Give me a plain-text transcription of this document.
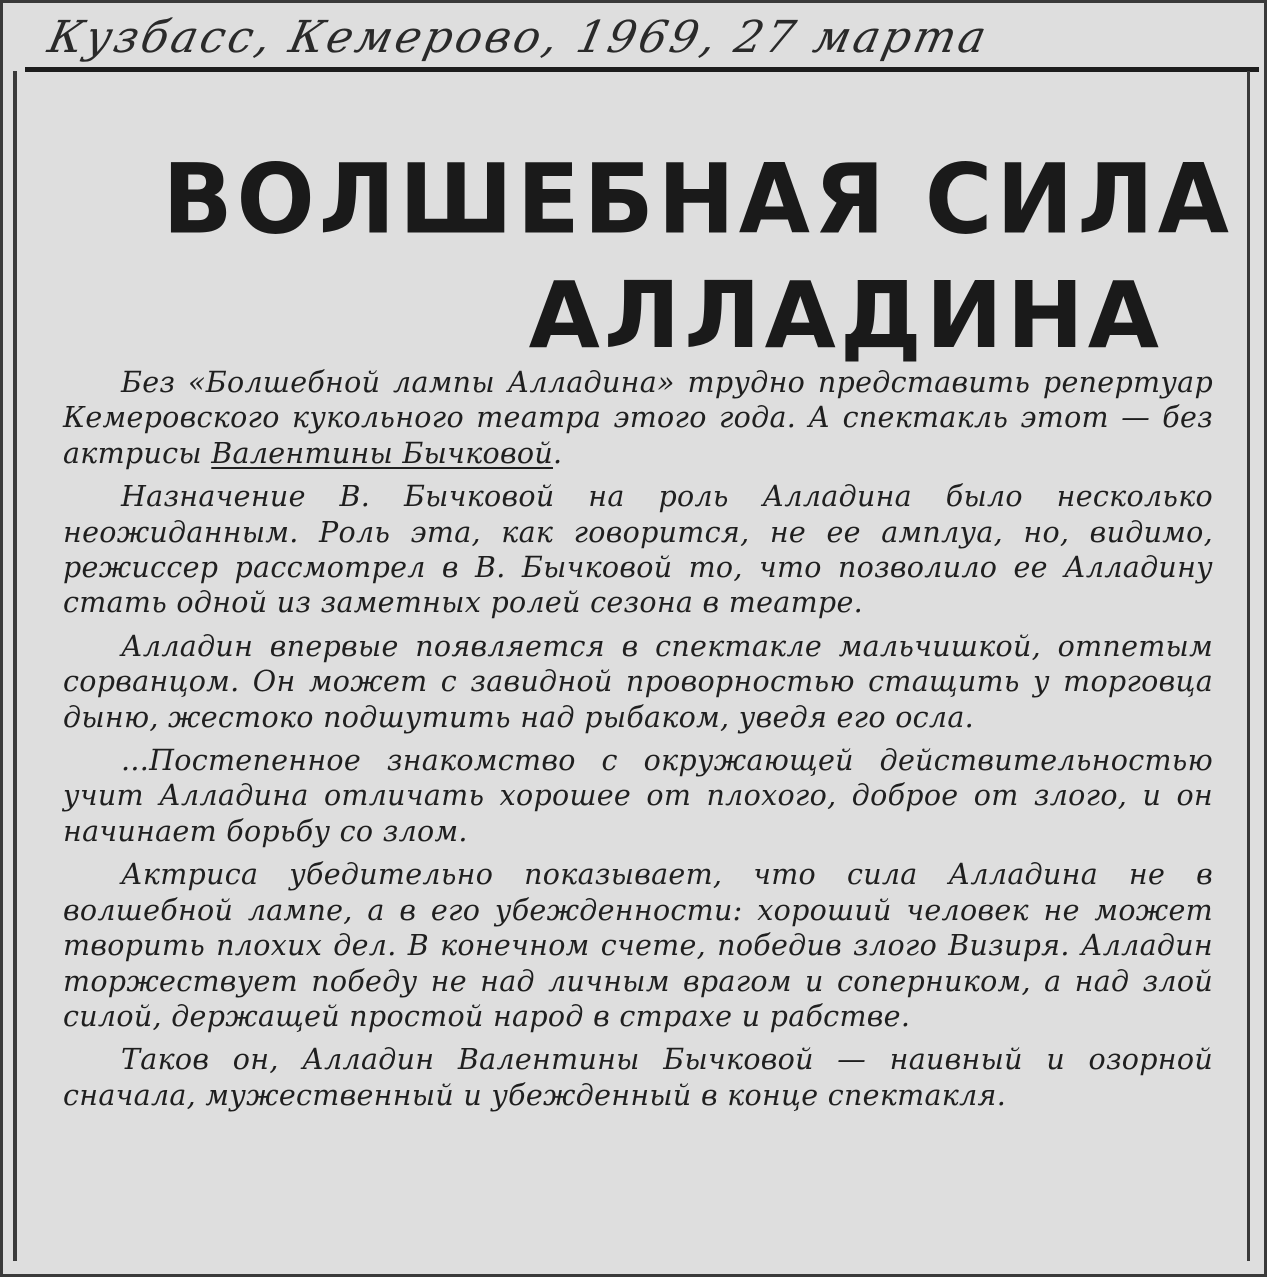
Кузбасс, Кемерово, 1969, 27 марта
ВОЛШЕБНАЯ СИЛА
АЛЛАДИНА

Без «Болшебной лампы Алладина» трудно представить репертуар Кемеровского кукольного театра этого года. А спектакль этот — без актрисы Валентины Бычковой.

Назначение В. Бычковой на роль Алладина было несколько неожиданным. Роль эта, как говорится, не ее амплуа, но, видимо, режиссер рассмотрел в В. Бычковой то, что позволило ее Алладину стать одной из заметных ролей сезона в театре.

Алладин впервые появляется в спектакле мальчишкой, отпетым сорванцом. Он может с завидной проворностью стащить у торговца дыню, жестоко подшутить над рыбаком, уведя его осла.

...Постепенное знакомство с окружающей действительностью учит Алладина отличать хорошее от плохого, доброе от злого, и он начинает борьбу со злом.

Актриса убедительно показывает, что сила Алладина не в волшебной лампе, а в его убежденности: хороший человек не может творить плохих дел. В конечном счете, победив злого Визиря. Алладин торжествует победу не над личным врагом и соперником, а над злой силой, держащей простой народ в страхе и рабстве.

Таков он, Алладин Валентины Бычковой — наивный и озорной сначала, мужественный и убежденный в конце спектакля.
